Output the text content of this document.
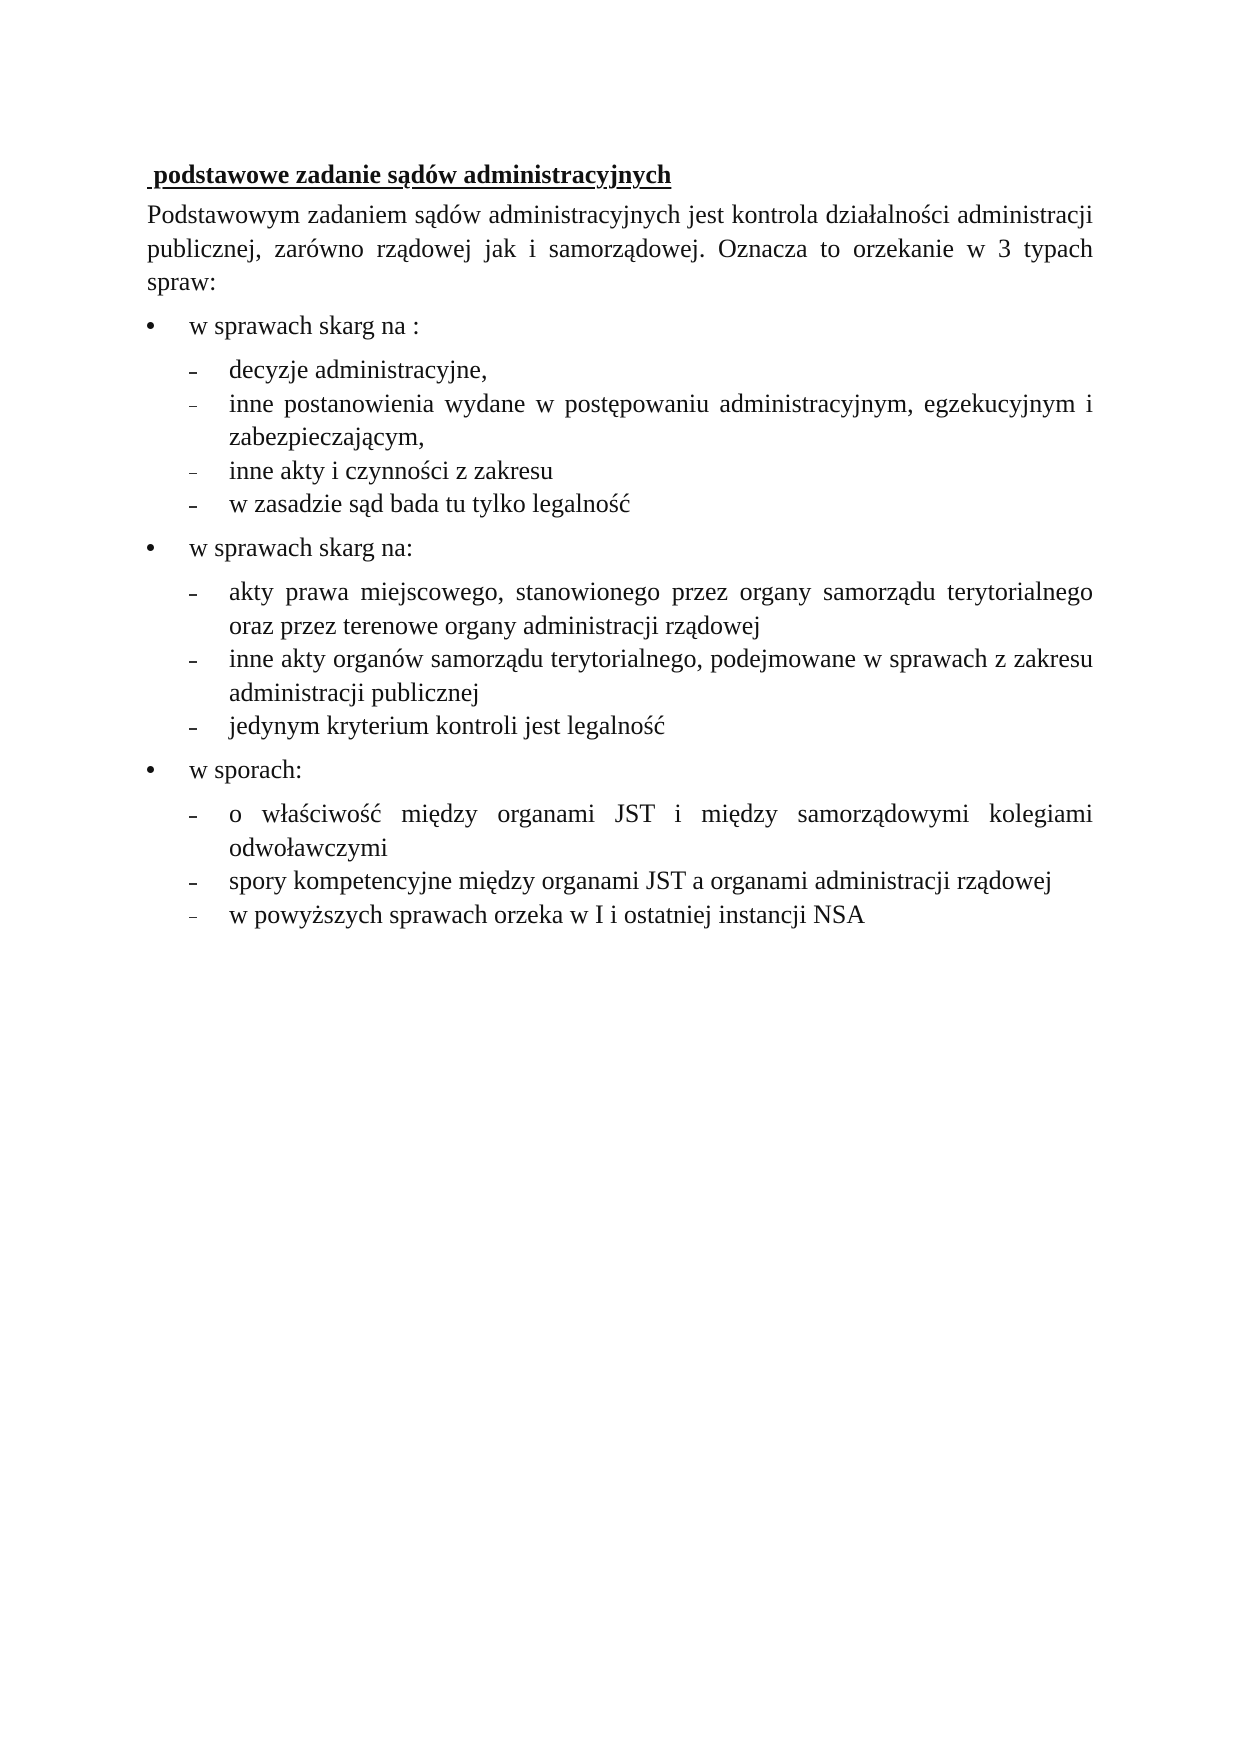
podstawowe zadanie sądów administracyjnych

Podstawowym zadaniem sądów administracyjnych jest kontrola działalności administracji publicznej, zarówno rządowej jak i samorządowej. Oznacza to orzekanie w 3 typach spraw:

w sprawach skarg na :
decyzje administracyjne,
inne postanowienia wydane w postępowaniu administracyjnym, egzekucyjnym i zabezpieczającym,
inne akty i czynności z zakresu
w zasadzie sąd bada tu tylko legalność
w sprawach skarg na:
akty prawa miejscowego, stanowionego przez organy samorządu terytorialnego oraz przez terenowe organy administracji rządowej
inne akty organów samorządu terytorialnego, podejmowane w sprawach z zakresu administracji publicznej
jedynym kryterium kontroli jest legalność
w sporach:
o właściwość między organami JST i między samorządowymi kolegiami odwoławczymi
spory kompetencyjne między organami JST a organami administracji rządowej
w powyższych sprawach orzeka w I i ostatniej instancji NSA
